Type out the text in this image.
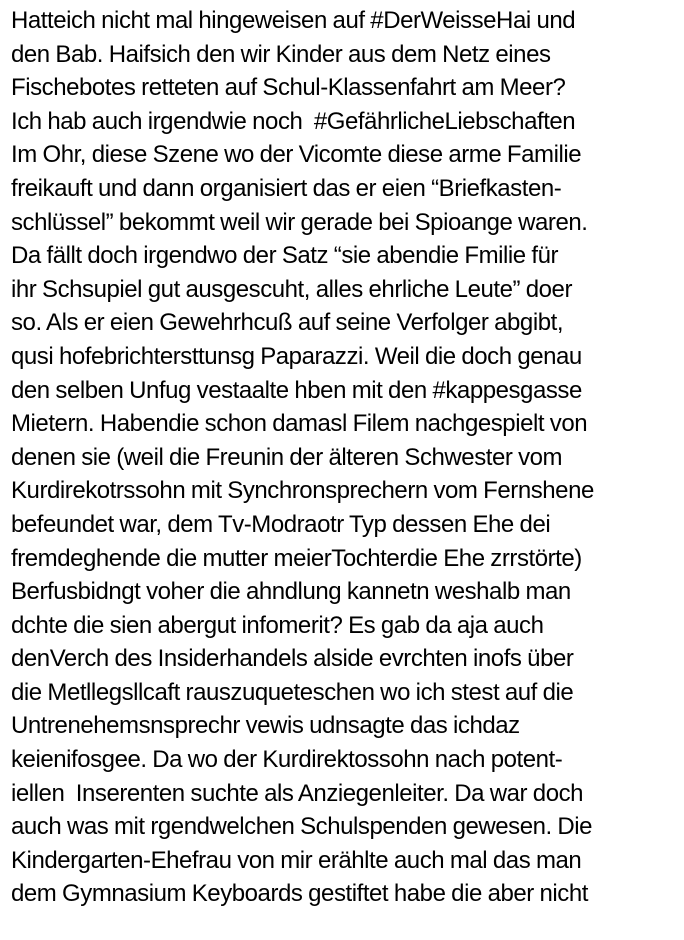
Hatteich nicht mal hingeweisen auf #DerWeisseHai und
den Bab. Haifsich den wir Kinder aus dem Netz eines
Fischebotes retteten auf Schul-Klassenfahrt am Meer?
Ich hab auch irgendwie noch  #GefährlicheLiebschaften
Im Ohr, diese Szene wo der Vicomte diese arme Familie
freikauft und dann organisiert das er eien “Briefkasten-
schlüssel” bekommt weil wir gerade bei Spioange waren.
Da fällt doch irgendwo der Satz “sie abendie Fmilie für
ihr Schsupiel gut ausgescuht, alles ehrliche Leute” doer
so. Als er eien Gewehrhcuß auf seine Verfolger abgibt,
qusi hofebrichtersttunsg Paparazzi. Weil die doch genau
den selben Unfug vestaalte hben mit den #kappesgasse
Mietern. Habendie schon damasl Filem nachgespielt von
denen sie (weil die Freunin der älteren Schwester vom
Kurdirekotrssohn mit Synchronsprechern vom Fernshene
befeundet war, dem Tv-Modraotr Typ dessen Ehe dei
fremdeghende die mutter meierTochterdie Ehe zrrstörte)
Berfusbidngt voher die ahndlung kannetn weshalb man
dchte die sien abergut infomerit? Es gab da aja auch
denVerch des Insiderhandels alside evrchten inofs über
die Metllegsllcaft rauszuqueteschen wo ich stest auf die
Untrenehemsnsprechr vewis udnsagte das ichdaz
keienifosgee. Da wo der Kurdirektossohn nach potent-
iellen  Inserenten suchte als Anziegenleiter. Da war doch
auch was mit rgendwelchen Schulspenden gewesen. Die
Kindergarten-Ehefrau von mir erählte auch mal das man
dem Gymnasium Keyboards gestiftet habe die aber nicht
